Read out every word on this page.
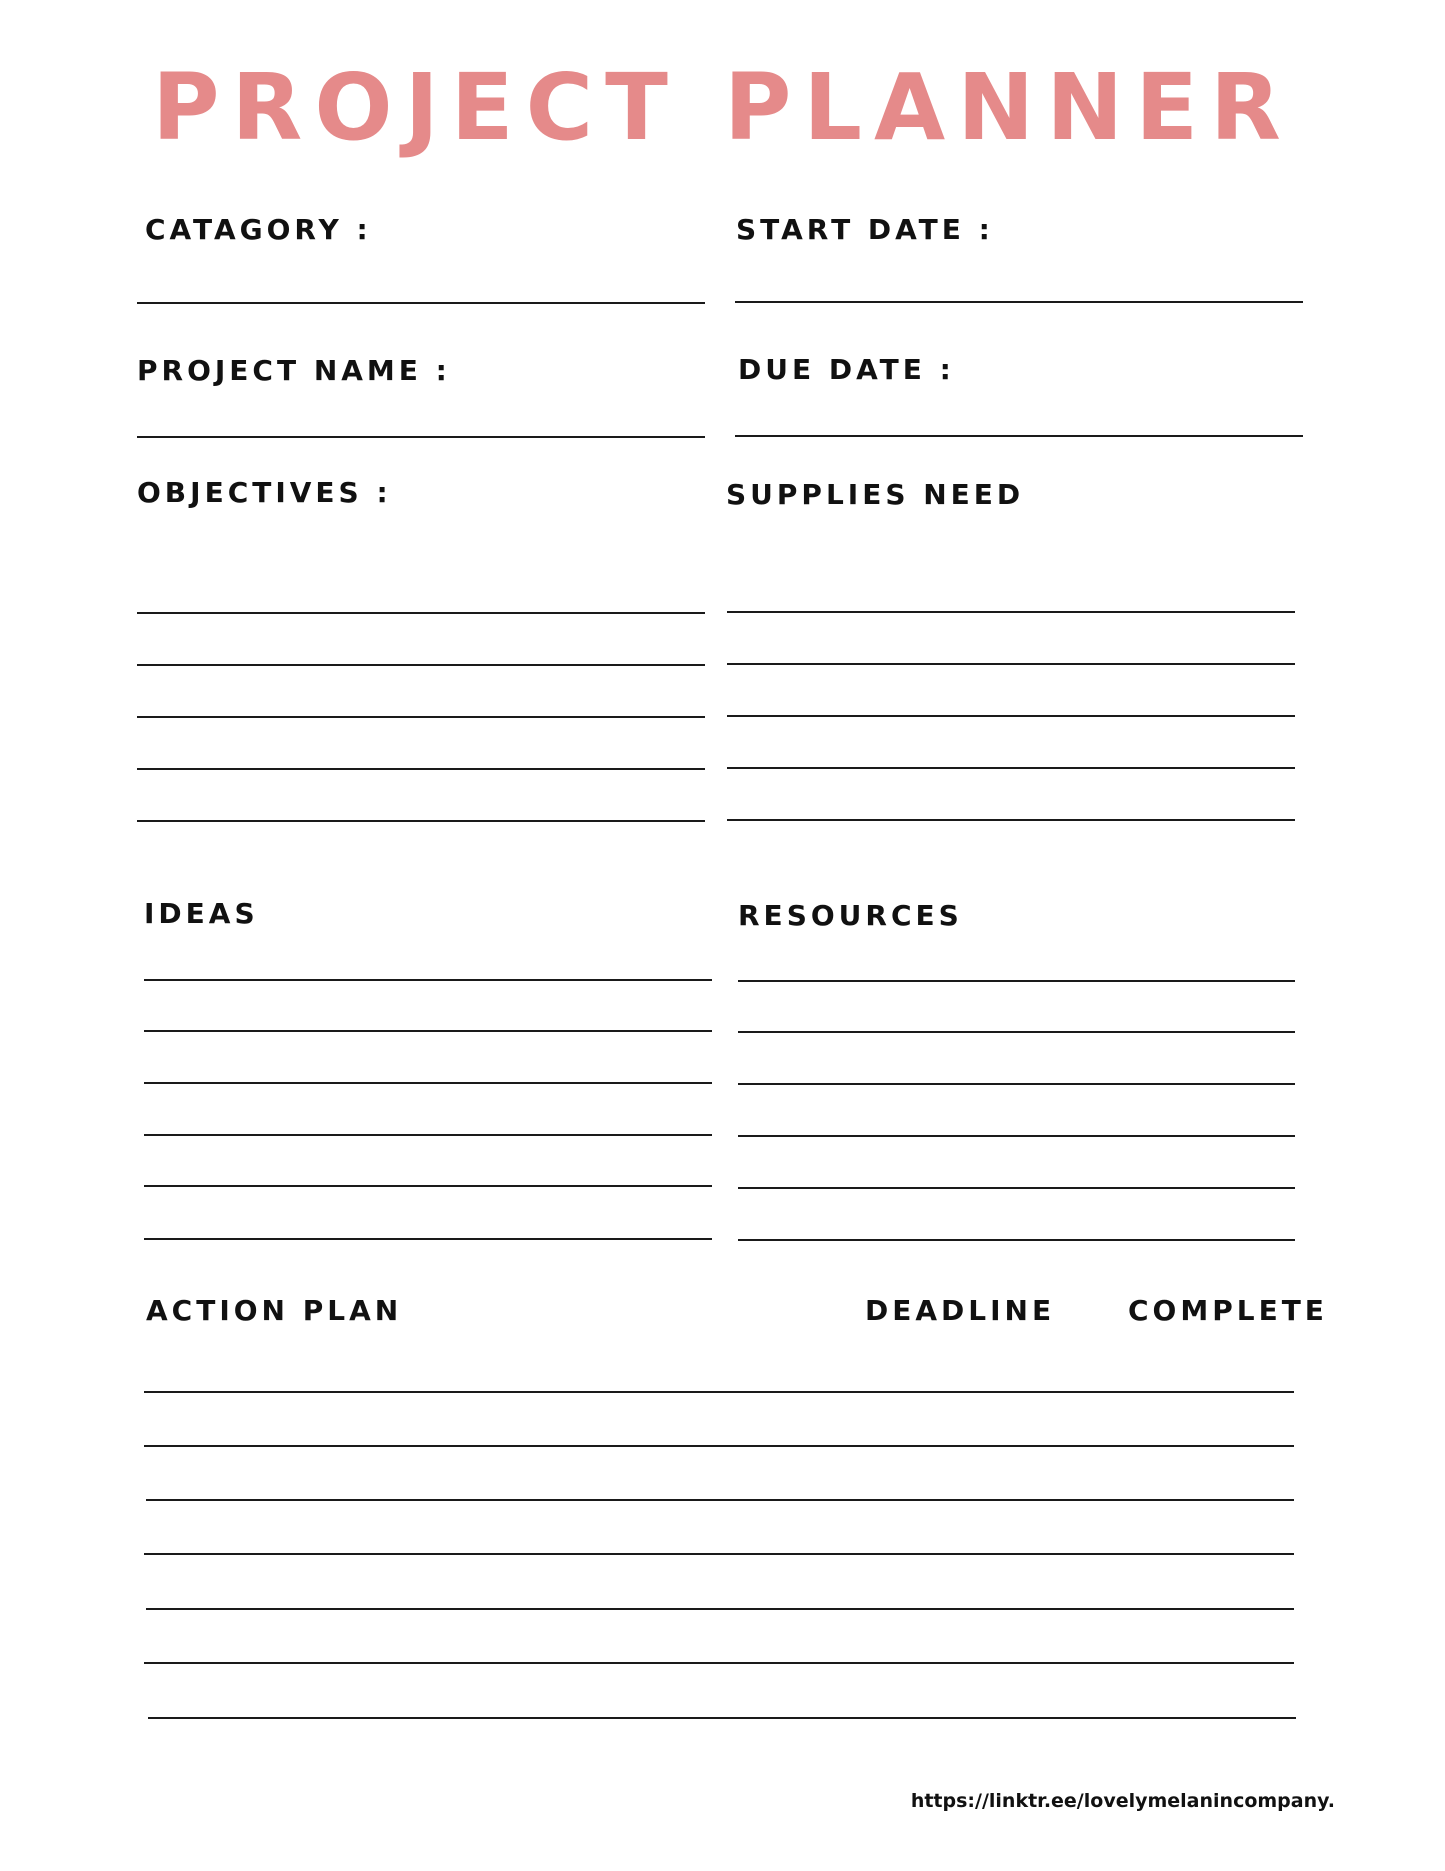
PROJECT PLANNER
CATAGORY :	START DATE :
PROJECT NAME :	DUE DATE :
OBJECTIVES :	SUPPLIES NEED
IDEAS	RESOURCES
ACTION PLAN	DEADLINE	COMPLETE
https://linktr.ee/lovelymelanincompany.
